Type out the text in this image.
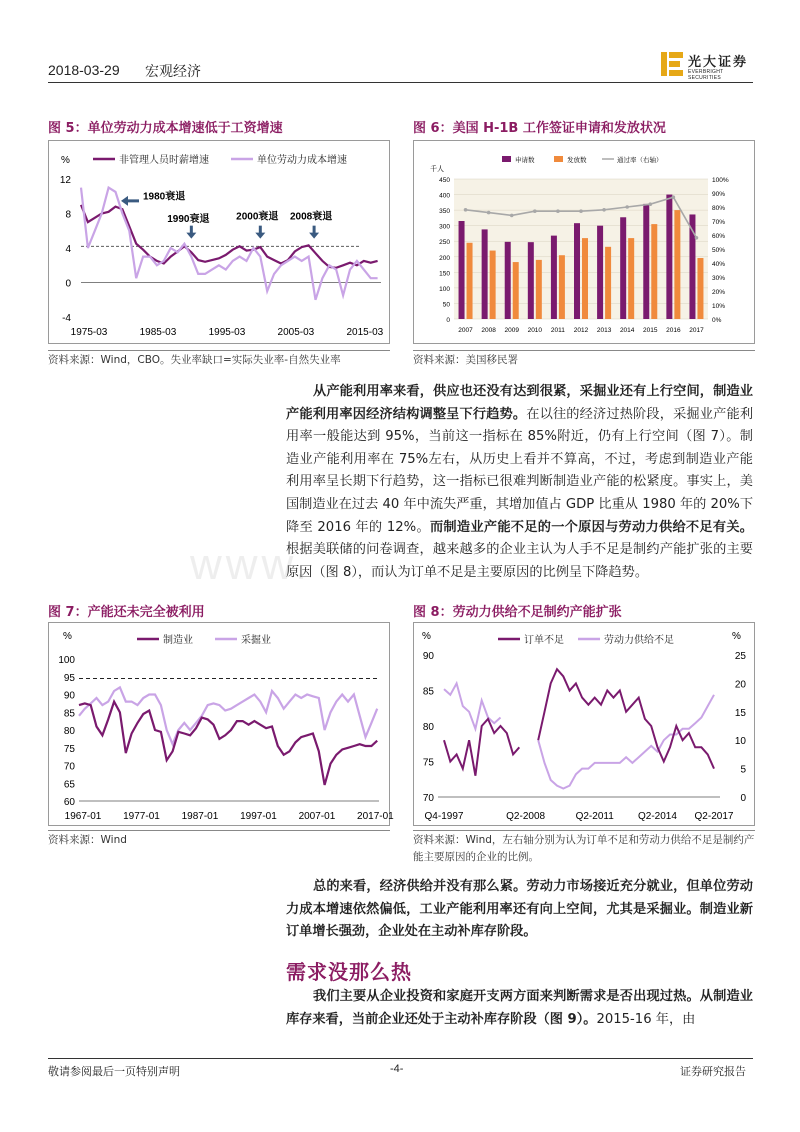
2018-03-29 宏观经济
光大证券
EVERBRIGHT SECURITIES
www.
图 5：单位劳动力成本增速低于工资增速
%
12
8
4
0
-4
1975-03	1985-03	1995-03	2005-03	2015-03
非管理人员时薪增速	单位劳动力成本增速
1980衰退
1990衰退	2000衰退 2008衰退
资料来源：Wind，CBO。失业率缺口=实际失业率-自然失业率
图 6：美国 H-1B 工作签证申请和发放状况
450
400
350
300
250
200
150
100
50
0
100%
90%
80%
70%
60%
50%
40%
30%
20%
10%
0%
千人
2007 2008 2009 2010 2011 2012 2013 2014 2015 2016 2017
申请数	发放数	通过率（右轴）
资料来源：美国移民署
从产能利用率来看，供应也还没有达到很紧，采掘业还有上行空间，制造业产能利用率因经济结构调整呈下行趋势。在以往的经济过热阶段，采掘业产能利用率一般能达到 95%，当前这一指标在 85%附近，仍有上行空间（图 7）。制造业产能利用率在 75%左右，从历史上看并不算高，不过，考虑到制造业产能利用率呈长期下行趋势，这一指标已很难判断制造业产能的松紧度。事实上，美国制造业在过去 40 年中流失严重，其增加值占 GDP 比重从 1980 年的 20%下降至 2016 年的 12%。而制造业产能不足的一个原因与劳动力供给不足有关。根据美联储的问卷调查，越来越多的企业主认为人手不足是制约产能扩张的主要原因（图 8），而认为订单不足是主要原因的比例呈下降趋势。
图 7：产能还未完全被利用
%
100
95
90
85
80
75
70
65
60
1967-01 1977-01 1987-01 1997-01 2007-01 2017-01
制造业	采掘业
资料来源：Wind
图 8：劳动力供给不足制约产能扩张
%	%
90
85
80
75
70
25
20
15
10
5
0
Q4-1997	Q2-2008	Q2-2011 Q2-2014 Q2-2017
订单不足	劳动力供给不足
资料来源：Wind，左右轴分别为认为订单不足和劳动力供给不足是制约产能主要原因的企业的比例。
总的来看，经济供给并没有那么紧。劳动力市场接近充分就业，但单位劳动力成本增速依然偏低，工业产能利用率还有向上空间，尤其是采掘业。制造业新订单增长强劲，企业处在主动补库存阶段。
需求没那么热
我们主要从企业投资和家庭开支两方面来判断需求是否出现过热。从制造业库存来看，当前企业还处于主动补库存阶段（图 9）。2015-16 年，由
敬请参阅最后一页特别声明	-4-	证券研究报告
